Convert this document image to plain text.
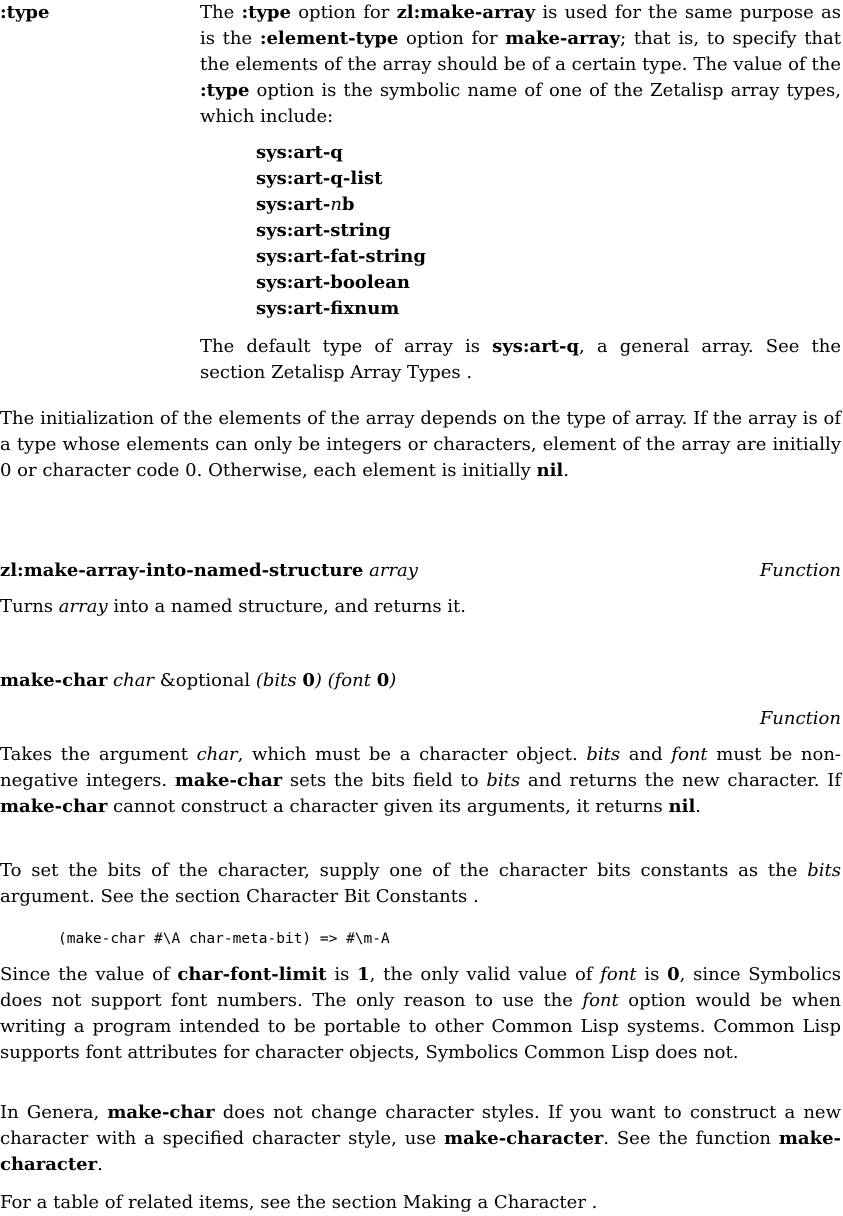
:type	The :type option for zl:make-array is used for the same purpose as is the :element-type option for make-array; that is, to specify that the elements of the array should be of a certain type. The value of the :type option is the symbolic name of one of the Zetalisp array types, which include:
sys:art-q
sys:art-q-list
sys:art-nb
sys:art-string
sys:art-fat-string
sys:art-boolean
sys:art-fixnum
The default type of array is sys:art-q, a general array. See the section Zetalisp Array Types .
The initialization of the elements of the array depends on the type of array. If the array is of a type whose elements can only be integers or characters, element of the array are initially 0 or character code 0. Otherwise, each element is initially nil.
zl:make-array-into-named-structure array	Function
Turns array into a named structure, and returns it.
make-char char &optional (bits 0) (font 0)
Function
Takes the argument char, which must be a character object. bits and font must be non-negative integers. make-char sets the bits field to bits and returns the new character. If make-char cannot construct a character given its arguments, it returns nil.
To set the bits of the character, supply one of the character bits constants as the bits argument. See the section Character Bit Constants .
(make-char #\A char-meta-bit) => #\m-A
Since the value of char-font-limit is 1, the only valid value of font is 0, since Symbolics does not support font numbers. The only reason to use the font option would be when writing a program intended to be portable to other Common Lisp systems. Common Lisp supports font attributes for character objects, Symbolics Common Lisp does not.
In Genera, make-char does not change character styles. If you want to construct a new character with a specified character style, use make-character. See the function make-character.
For a table of related items, see the section Making a Character .
